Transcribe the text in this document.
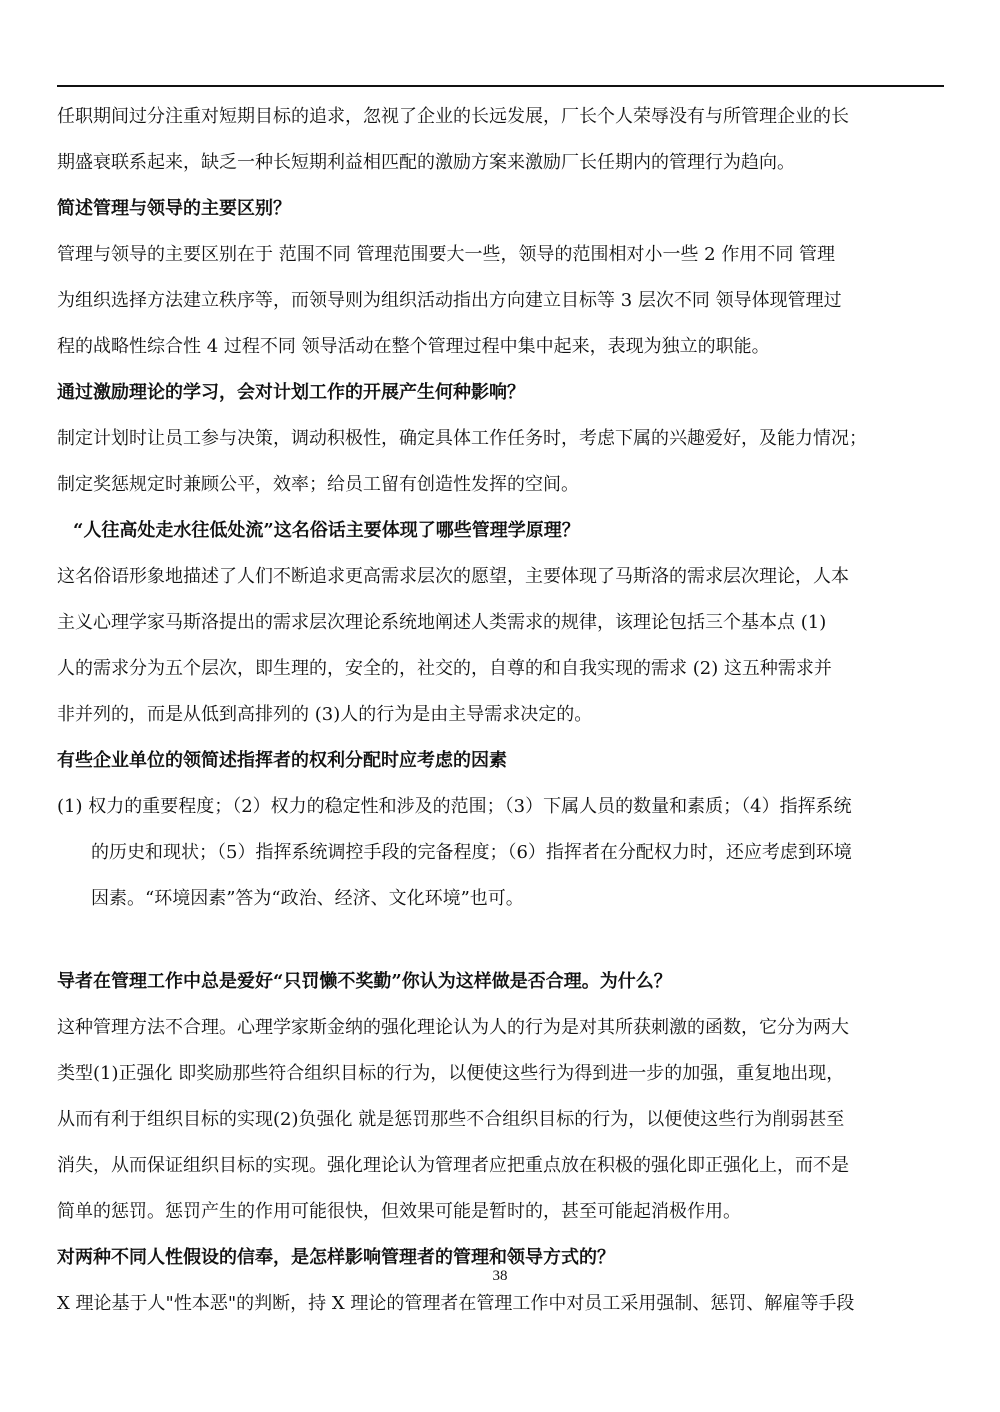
任职期间过分注重对短期目标的追求，忽视了企业的长远发展，厂长个人荣辱没有与所管理企业的长

期盛衰联系起来，缺乏一种长短期利益相匹配的激励方案来激励厂长任期内的管理行为趋向。

简述管理与领导的主要区别？

管理与领导的主要区别在于 范围不同 管理范围要大一些，领导的范围相对小一些 2 作用不同 管理

为组织选择方法建立秩序等，而领导则为组织活动指出方向建立目标等 3 层次不同 领导体现管理过

程的战略性综合性 4 过程不同 领导活动在整个管理过程中集中起来，表现为独立的职能。

通过激励理论的学习，会对计划工作的开展产生何种影响？

制定计划时让员工参与决策，调动积极性，确定具体工作任务时，考虑下属的兴趣爱好，及能力情况；

制定奖惩规定时兼顾公平，效率；给员工留有创造性发挥的空间。

“人往高处走水往低处流”这名俗话主要体现了哪些管理学原理？

这名俗语形象地描述了人们不断追求更高需求层次的愿望，主要体现了马斯洛的需求层次理论，人本

主义心理学家马斯洛提出的需求层次理论系统地阐述人类需求的规律，该理论包括三个基本点 (1)

人的需求分为五个层次，即生理的，安全的，社交的，自尊的和自我实现的需求 (2) 这五种需求并

非并列的，而是从低到高排列的 (3)人的行为是由主导需求决定的。

有些企业单位的领简述指挥者的权利分配时应考虑的因素

(1) 权力的重要程度；（2）权力的稳定性和涉及的范围；（3）下属人员的数量和素质；（4）指挥系统

的历史和现状；（5）指挥系统调控手段的完备程度；（6）指挥者在分配权力时，还应考虑到环境

因素。“环境因素”答为“政治、经济、文化环境”也可。

导者在管理工作中总是爱好“只罚懒不奖勤”你认为这样做是否合理。为什么？

这种管理方法不合理。心理学家斯金纳的强化理论认为人的行为是对其所获刺激的函数，它分为两大

类型(1)正强化 即奖励那些符合组织目标的行为，以便使这些行为得到进一步的加强，重复地出现，

从而有利于组织目标的实现(2)负强化 就是惩罚那些不合组织目标的行为，以便使这些行为削弱甚至

消失，从而保证组织目标的实现。强化理论认为管理者应把重点放在积极的强化即正强化上，而不是

简单的惩罚。惩罚产生的作用可能很快，但效果可能是暂时的，甚至可能起消极作用。

对两种不同人性假设的信奉，是怎样影响管理者的管理和领导方式的？

X 理论基于人"性本恶"的判断，持 X 理论的管理者在管理工作中对员工采用强制、惩罚、解雇等手段

38
